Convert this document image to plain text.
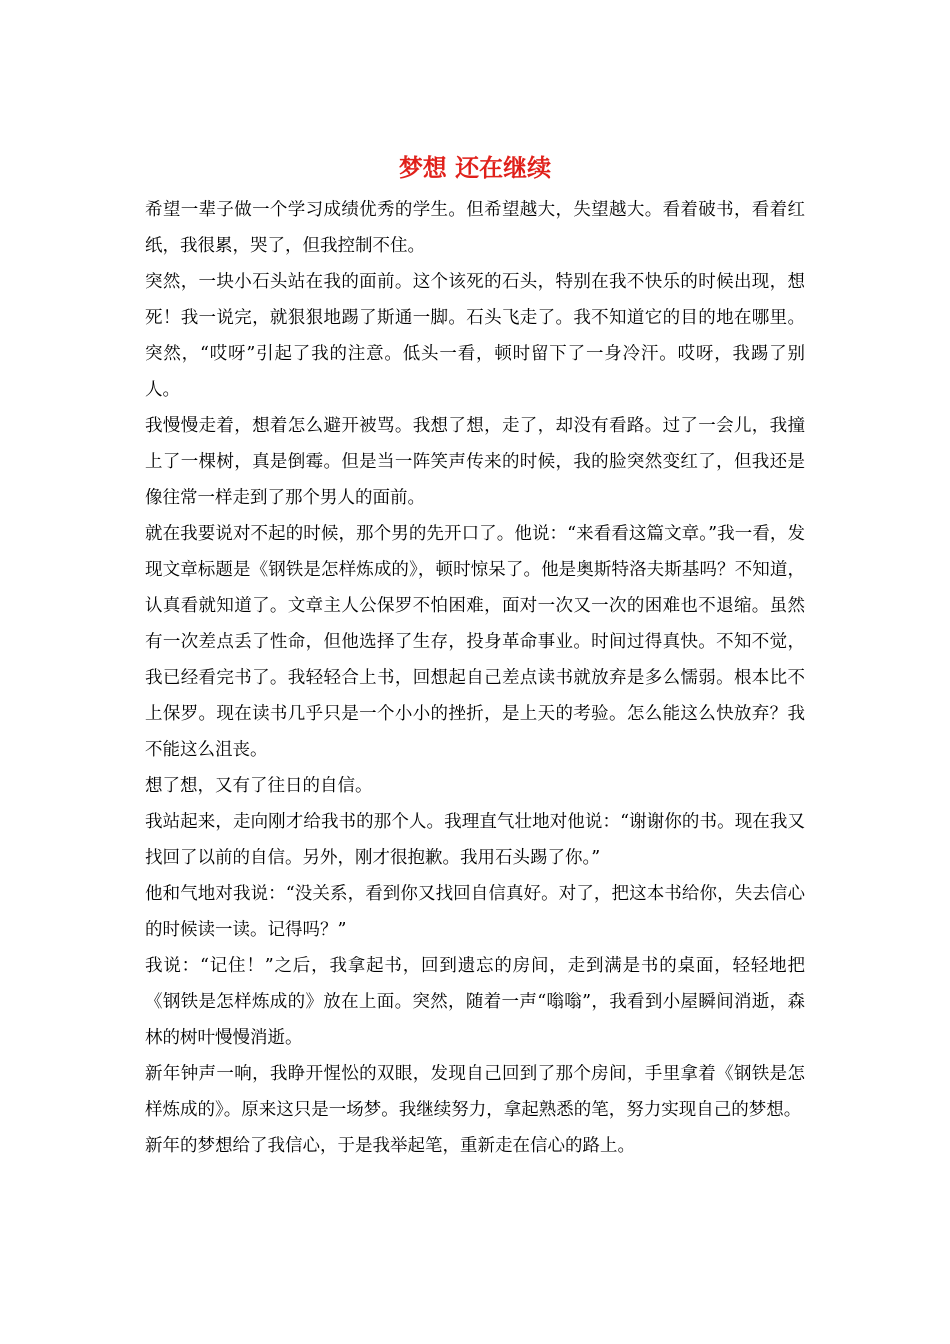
梦想 还在继续

希望一辈子做一个学习成绩优秀的学生。但希望越大，失望越大。看着破书，看着红纸，我很累，哭了，但我控制不住。

突然，一块小石头站在我的面前。这个该死的石头，特别在我不快乐的时候出现，想死！我一说完，就狠狠地踢了斯通一脚。石头飞走了。我不知道它的目的地在哪里。突然，“哎呀”引起了我的注意。低头一看，顿时留下了一身冷汗。哎呀，我踢了别人。

我慢慢走着，想着怎么避开被骂。我想了想，走了，却没有看路。过了一会儿，我撞上了一棵树，真是倒霉。但是当一阵笑声传来的时候，我的脸突然变红了，但我还是像往常一样走到了那个男人的面前。

就在我要说对不起的时候，那个男的先开口了。他说：“来看看这篇文章。”我一看，发现文章标题是《钢铁是怎样炼成的》，顿时惊呆了。他是奥斯特洛夫斯基吗？不知道，认真看就知道了。文章主人公保罗不怕困难，面对一次又一次的困难也不退缩。虽然有一次差点丢了性命，但他选择了生存，投身革命事业。时间过得真快。不知不觉，我已经看完书了。我轻轻合上书，回想起自己差点读书就放弃是多么懦弱。根本比不上保罗。现在读书几乎只是一个小小的挫折，是上天的考验。怎么能这么快放弃？我不能这么沮丧。

想了想，又有了往日的自信。

我站起来，走向刚才给我书的那个人。我理直气壮地对他说：“谢谢你的书。现在我又找回了以前的自信。另外，刚才很抱歉。我用石头踢了你。”

他和气地对我说：“没关系，看到你又找回自信真好。对了，把这本书给你，失去信心的时候读一读。记得吗？”

我说：“记住！”之后，我拿起书，回到遗忘的房间，走到满是书的桌面，轻轻地把《钢铁是怎样炼成的》放在上面。突然，随着一声“嗡嗡”，我看到小屋瞬间消逝，森林的树叶慢慢消逝。

新年钟声一响，我睁开惺忪的双眼，发现自己回到了那个房间，手里拿着《钢铁是怎样炼成的》。原来这只是一场梦。我继续努力，拿起熟悉的笔，努力实现自己的梦想。

新年的梦想给了我信心，于是我举起笔，重新走在信心的路上。
